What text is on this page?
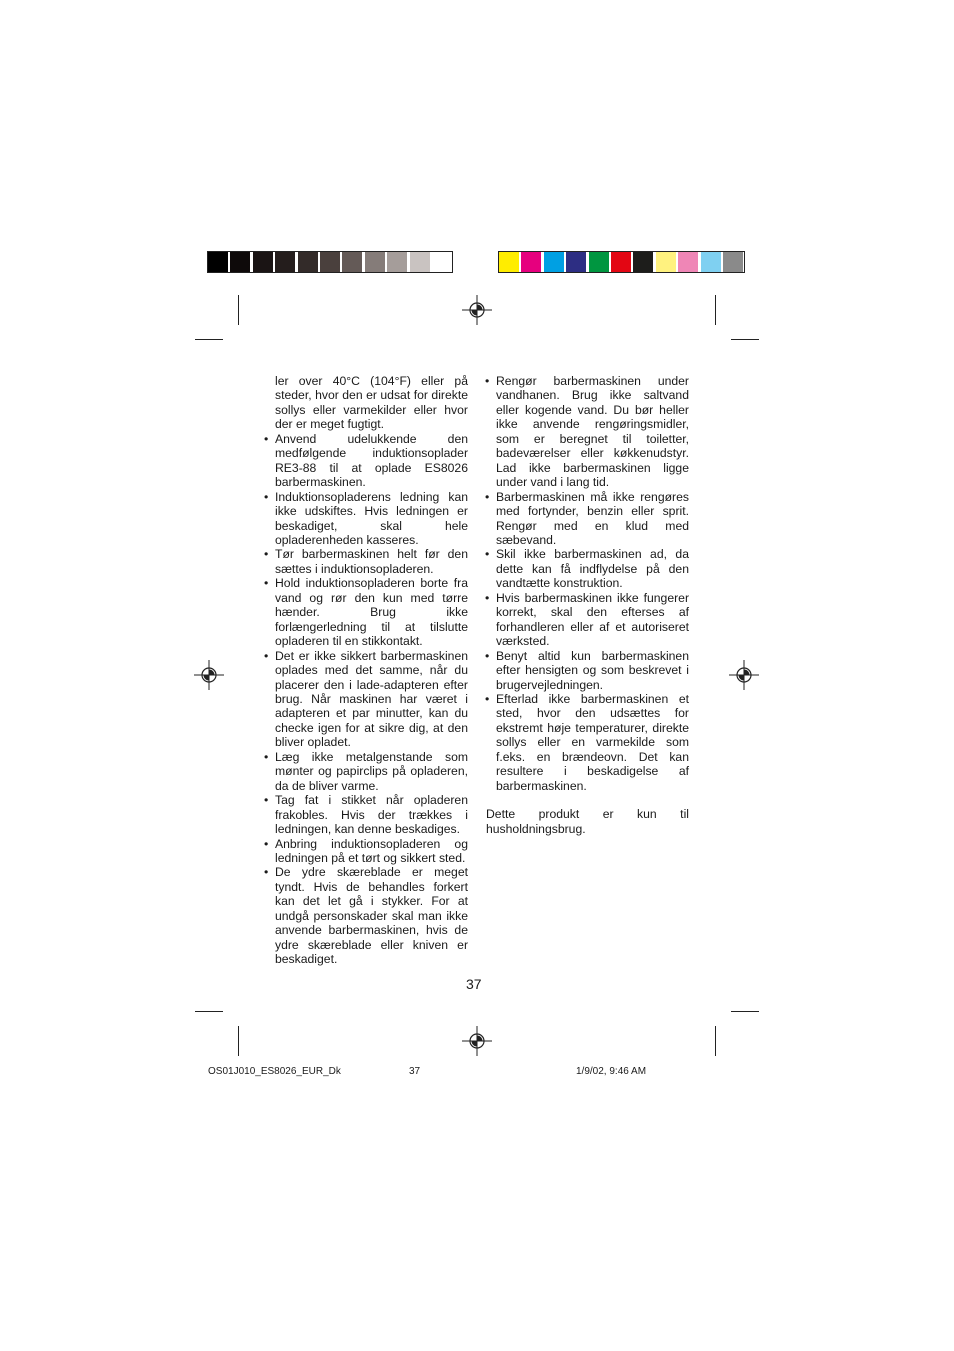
ler over 40°C (104°F) eller på steder, hvor den er udsat for direkte sollys eller varmekilder eller hvor der er meget fugtigt.

• Anvend udelukkende den medfølgende induktionsoplader RE3-88 til at oplade ES8026 barbermaskinen.
• Induktionsopladerens ledning kan ikke udskiftes. Hvis ledningen er beskadiget, skal hele opladerenheden kasseres.
• Tør barbermaskinen helt før den sættes i induktionsopladeren.
• Hold induktionsopladeren borte fra vand og rør den kun med tørre hænder. Brug ikke forlængerledning til at tilslutte opladeren til en stikkontakt.
• Det er ikke sikkert barbermaskinen oplades med det samme, når du placerer den i lade-adapteren efter brug. Når maskinen har været i adapteren et par minutter, kan du checke igen for at sikre dig, at den bliver opladet.
• Læg ikke metalgenstande som mønter og papirclips på opladeren, da de bliver varme.
• Tag fat i stikket når opladeren frakobles. Hvis der trækkes i ledningen, kan denne beskadiges.
• Anbring induktionsopladeren og ledningen på et tørt og sikkert sted.
• De ydre skæreblade er meget tyndt. Hvis de behandles forkert kan det let gå i stykker. For at undgå personskader skal man ikke anvende barbermaskinen, hvis de ydre skæreblade eller kniven er beskadiget.
• Rengør barbermaskinen under vandhanen. Brug ikke saltvand eller kogende vand. Du bør heller ikke anvende rengøringsmidler, som er beregnet til toiletter, badeværelser eller køkkenudstyr. Lad ikke barbermaskinen ligge under vand i lang tid.
• Barbermaskinen må ikke rengøres med fortynder, benzin eller sprit. Rengør med en klud med sæbevand.
• Skil ikke barbermaskinen ad, da dette kan få indflydelse på den vandtætte konstruktion.
• Hvis barbermaskinen ikke fungerer korrekt, skal den efterses af forhandleren eller af et autoriseret værksted.
• Benyt altid kun barbermaskinen efter hensigten og som beskrevet i brugervejledningen.
• Efterlad ikke barbermaskinen et sted, hvor den udsættes for ekstremt høje temperaturer, direkte sollys eller en varmekilde som f.eks. en brændeovn. Det kan resultere i beskadigelse af barbermaskinen.

Dette produkt er kun til husholdningsbrug.

37
OS01J010_ES8026_EUR_Dk	37	1/9/02, 9:46 AM
